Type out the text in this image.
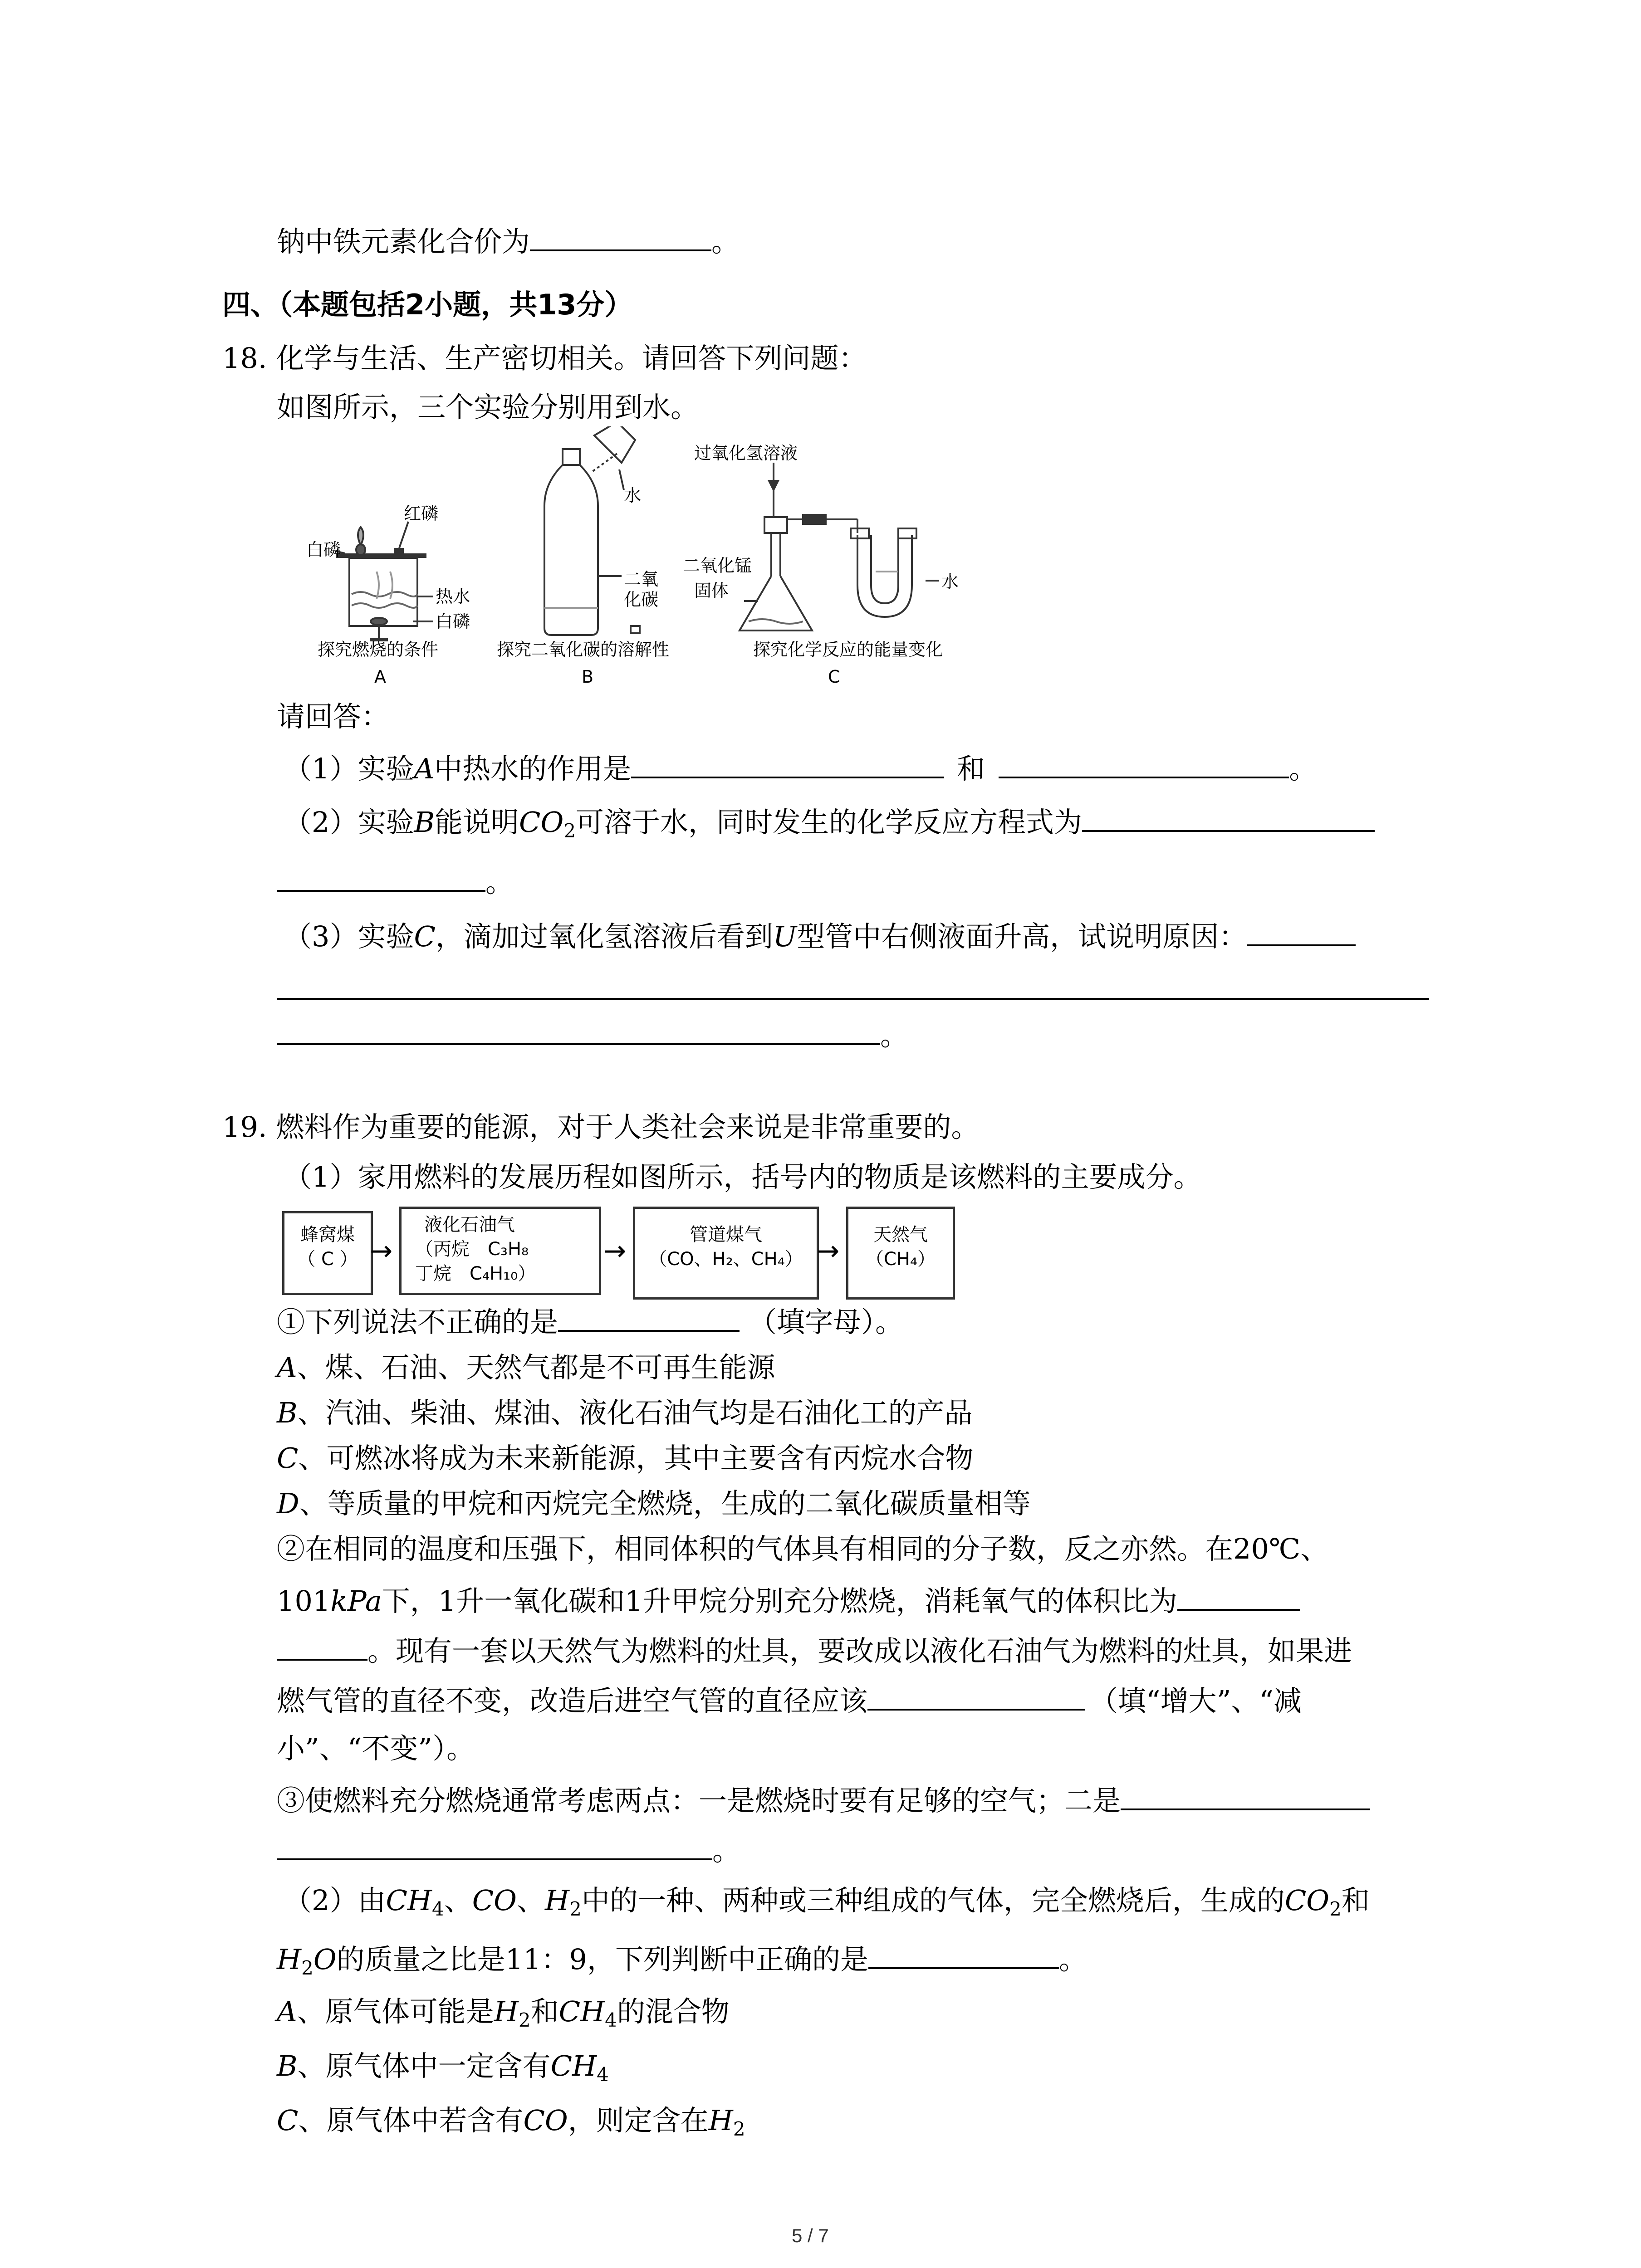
钠中铁元素化合价为	。
四、（本题包括2小题，共13分）
18. 化学与生活、生产密切相关。请回答下列问题：
如图所示，三个实验分别用到水。
白磷
红磷
热水
白磷
探究燃烧的条件
A
水
二氧
化碳
探究二氧化碳的溶解性
B
过氧化氢溶液
二氧化锰
固体	水
探究化学反应的能量变化
C
请回答：
（1）实验A中热水的作用是	和	。
（2）实验B能说明$CO_2$可溶于水，同时发生的化学反应方程式为
。
（3）实验C，滴加过氧化氢溶液后看到U型管中右侧液面升高，试说明原因：
。
19. 燃料作为重要的能源，对于人类社会来说是非常重要的。
（1）家用燃料的发展历程如图所示，括号内的物质是该燃料的主要成分。
蜂窝煤
（ C ） →
液化石油气
（丙烷　C₃H₈
丁烷　C₄H₁₀）
→
管道煤气
（CO、H₂、CH₄） →
天然气
（CH₄）
①下列说法不正确的是	（填字母）。
A、煤、石油、天然气都是不可再生能源
B、汽油、柴油、煤油、液化石油气均是石油化工的产品
C、可燃冰将成为未来新能源，其中主要含有丙烷水合物
D、等质量的甲烷和丙烷完全燃烧，生成的二氧化碳质量相等
②在相同的温度和压强下，相同体积的气体具有相同的分子数，反之亦然。在20℃、
101kPa下，1升一氧化碳和1升甲烷分别充分燃烧，消耗氧气的体积比为
。现有一套以天然气为燃料的灶具，要改成以液化石油气为燃料的灶具，如果进
燃气管的直径不变，改造后进空气管的直径应该	（填“增大”、“减
小”、“不变”）。
③使燃料充分燃烧通常考虑两点：一是燃烧时要有足够的空气；二是
。
（2）由$CH_4$、CO、$H_2$中的一种、两种或三种组成的气体，完全燃烧后，生成的$CO_2$和
$H_2O$的质量之比是11：9，下列判断中正确的是	。
A、原气体可能是$H_2$和$CH_4$的混合物
B、原气体中一定含有$CH_4$
C、原气体中若含有CO，则定含在$H_2$
5 / 7
